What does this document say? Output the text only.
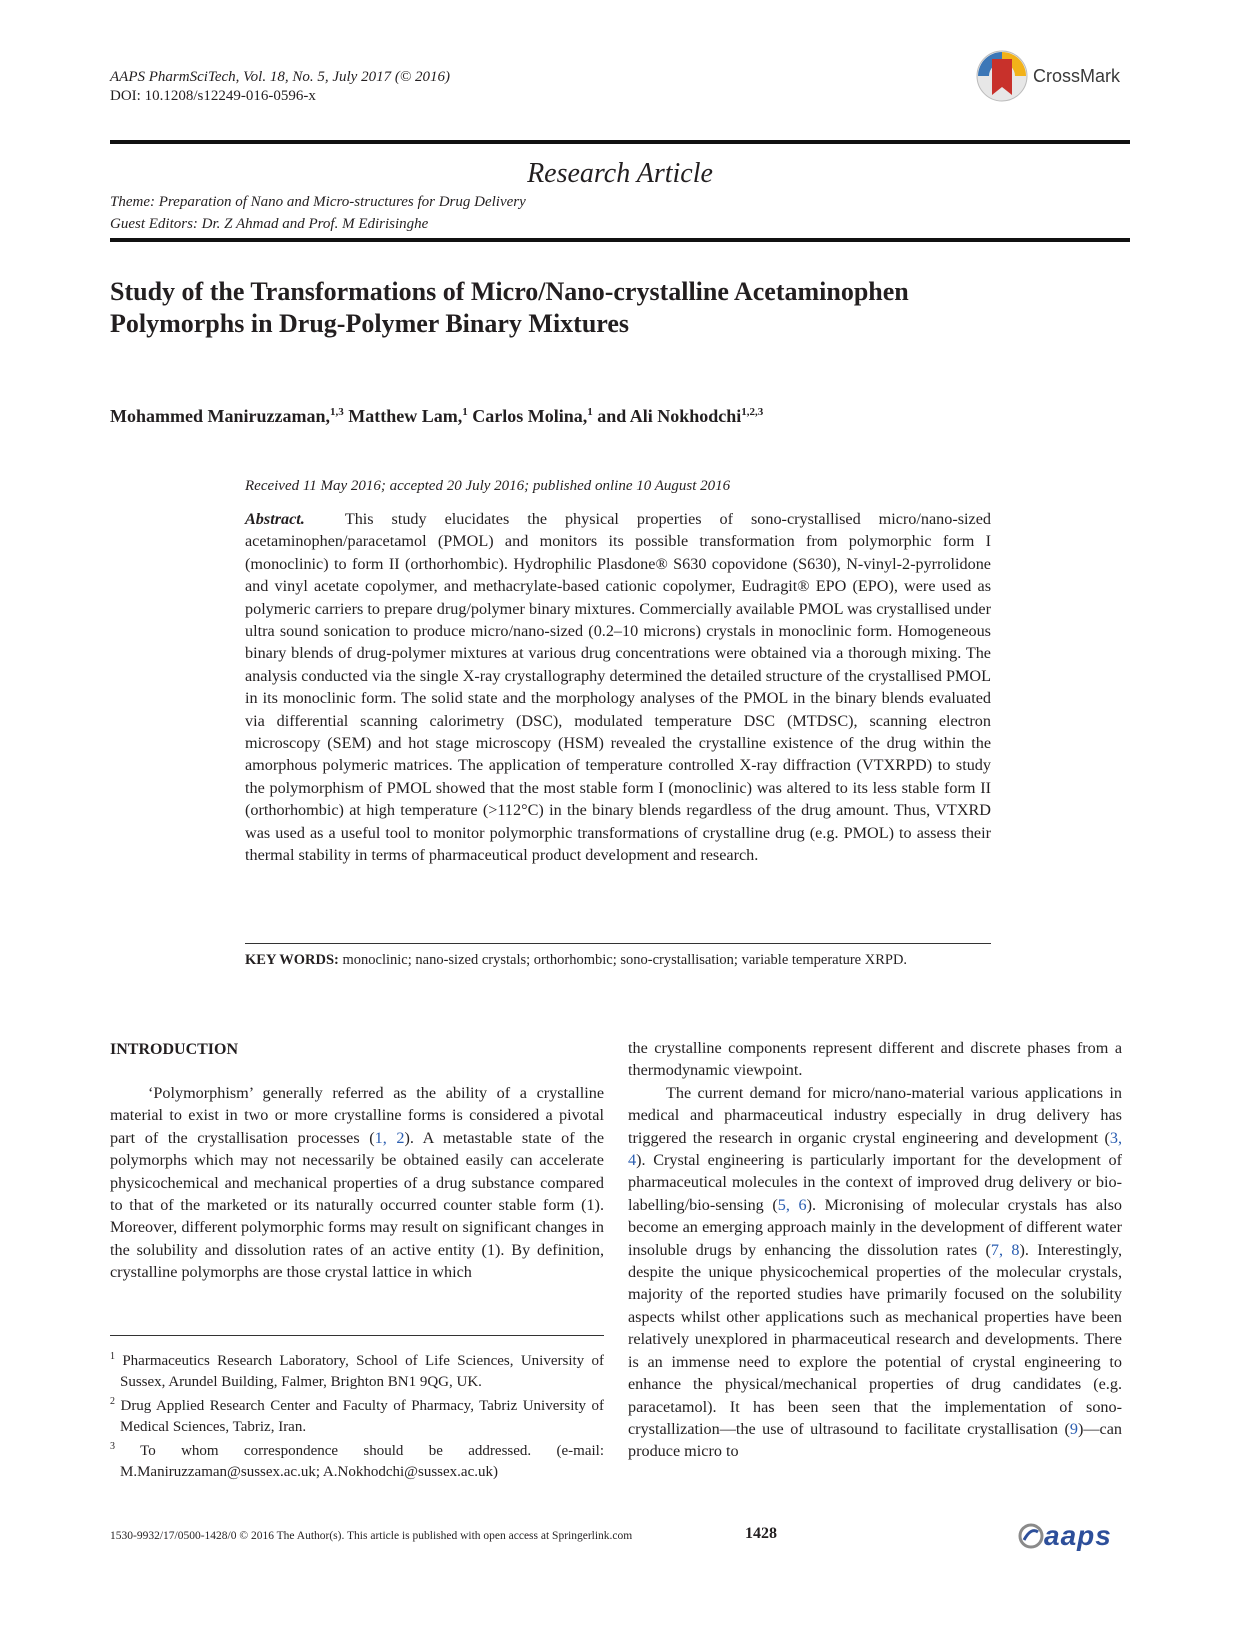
AAPS PharmSciTech, Vol. 18, No. 5, July 2017 (© 2016)
DOI: 10.1208/s12249-016-0596-x
CrossMark
Research Article
Theme: Preparation of Nano and Micro-structures for Drug Delivery
Guest Editors: Dr. Z Ahmad and Prof. M Edirisinghe
Study of the Transformations of Micro/Nano-crystalline Acetaminophen
Polymorphs in Drug-Polymer Binary Mixtures
Mohammed Maniruzzaman,$^{1,3}$ Matthew Lam,$^1$ Carlos Molina,$^1$ and Ali Nokhodchi$^{1,2,3}$
Received 11 May 2016; accepted 20 July 2016; published online 10 August 2016
Abstract. This study elucidates the physical properties of sono-crystallised micro/nano-sized acetaminophen/paracetamol (PMOL) and monitors its possible transformation from polymorphic form I (monoclinic) to form II (orthorhombic). Hydrophilic Plasdone® S630 copovidone (S630), N-vinyl-2-pyrrolidone and vinyl acetate copolymer, and methacrylate-based cationic copolymer, Eudragit® EPO (EPO), were used as polymeric carriers to prepare drug/polymer binary mixtures. Commercially available PMOL was crystallised under ultra sound sonication to produce micro/nano-sized (0.2–10 microns) crystals in monoclinic form. Homogeneous binary blends of drug-polymer mixtures at various drug concentrations were obtained via a thorough mixing. The analysis conducted via the single X-ray crystallography determined the detailed structure of the crystallised PMOL in its monoclinic form. The solid state and the morphology analyses of the PMOL in the binary blends evaluated via differential scanning calorimetry (DSC), modulated temperature DSC (MTDSC), scanning electron microscopy (SEM) and hot stage microscopy (HSM) revealed the crystalline existence of the drug within the amorphous polymeric matrices. The application of temperature controlled X-ray diffraction (VTXRPD) to study the polymorphism of PMOL showed that the most stable form I (monoclinic) was altered to its less stable form II (orthorhombic) at high temperature (>112°C) in the binary blends regardless of the drug amount. Thus, VTXRD was used as a useful tool to monitor polymorphic transformations of crystalline drug (e.g. PMOL) to assess their thermal stability in terms of pharmaceutical product development and research.
KEY WORDS: monoclinic; nano-sized crystals; orthorhombic; sono-crystallisation; variable temperature XRPD.
INTRODUCTION

‘Polymorphism’ generally referred as the ability of a crystalline material to exist in two or more crystalline forms is considered a pivotal part of the crystallisation processes (1, 2). A metastable state of the polymorphs which may not necessarily be obtained easily can accelerate physicochemical and mechanical properties of a drug substance compared to that of the marketed or its naturally occurred counter stable form (1). Moreover, different polymorphic forms may result on significant changes in the solubility and dissolution rates of an active entity (1). By definition, crystalline polymorphs are those crystal lattice in which

$^1$ Pharmaceutics Research Laboratory, School of Life Sciences, University of Sussex, Arundel Building, Falmer, Brighton BN1 9QG, UK.

$^2$ Drug Applied Research Center and Faculty of Pharmacy, Tabriz University of Medical Sciences, Tabriz, Iran.

$^3$ To whom correspondence should be addressed. (e-mail: M.Maniruzzaman@sussex.ac.uk; A.Nokhodchi@sussex.ac.uk)

the crystalline components represent different and discrete phases from a thermodynamic viewpoint.

The current demand for micro/nano-material various applications in medical and pharmaceutical industry especially in drug delivery has triggered the research in organic crystal engineering and development (3, 4). Crystal engineering is particularly important for the development of pharmaceutical molecules in the context of improved drug delivery or bio-labelling/bio-sensing (5, 6). Micronising of molecular crystals has also become an emerging approach mainly in the development of different water insoluble drugs by enhancing the dissolution rates (7, 8). Interestingly, despite the unique physicochemical properties of the molecular crystals, majority of the reported studies have primarily focused on the solubility aspects whilst other applications such as mechanical properties have been relatively unexplored in pharmaceutical research and developments. There is an immense need to explore the potential of crystal engineering to enhance the physical/mechanical properties of drug candidates (e.g. paracetamol). It has been seen that the implementation of sono-crystallization—the use of ultrasound to facilitate crystallisation (9)—can produce micro to

1530-9932/17/0500-1428/0 © 2016 The Author(s). This article is published with open access at Springerlink.com	1428	aaps
